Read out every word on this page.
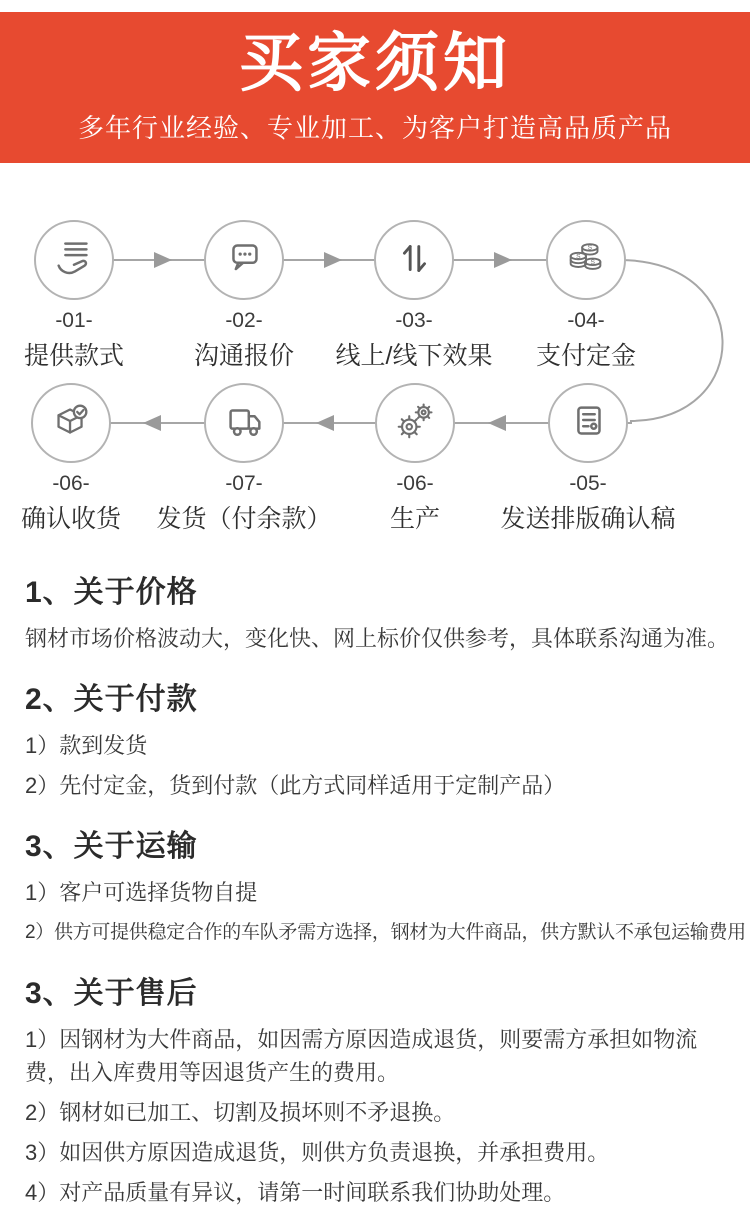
买家须知
多年行业经验、专业加工、为客户打造高品质产品
-01-
提供款式
-02-
沟通报价
-03-
线上/线下效果
S
S
S
-04-
支付定金
-06-
确认收货
-07-
发货（付余款）
-06-
生产
-05-
发送排版确认稿
1、关于价格

钢材市场价格波动大，变化快、网上标价仅供参考，具体联系沟通为准。

2、关于付款

1）款到发货

2）先付定金，货到付款（此方式同样适用于定制产品）

3、关于运输

1）客户可选择货物自提

2）供方可提供稳定合作的车队矛需方选择，钢材为大件商品，供方默认不承包运输费用

3、关于售后

1）因钢材为大件商品，如因需方原因造成退货，则要需方承担如物流费，出入库费用等因退货产生的费用。

2）钢材如已加工、切割及损坏则不矛退换。

3）如因供方原因造成退货，则供方负责退换，并承担费用。

4）对产品质量有异议，请第一时间联系我们协助处理。
